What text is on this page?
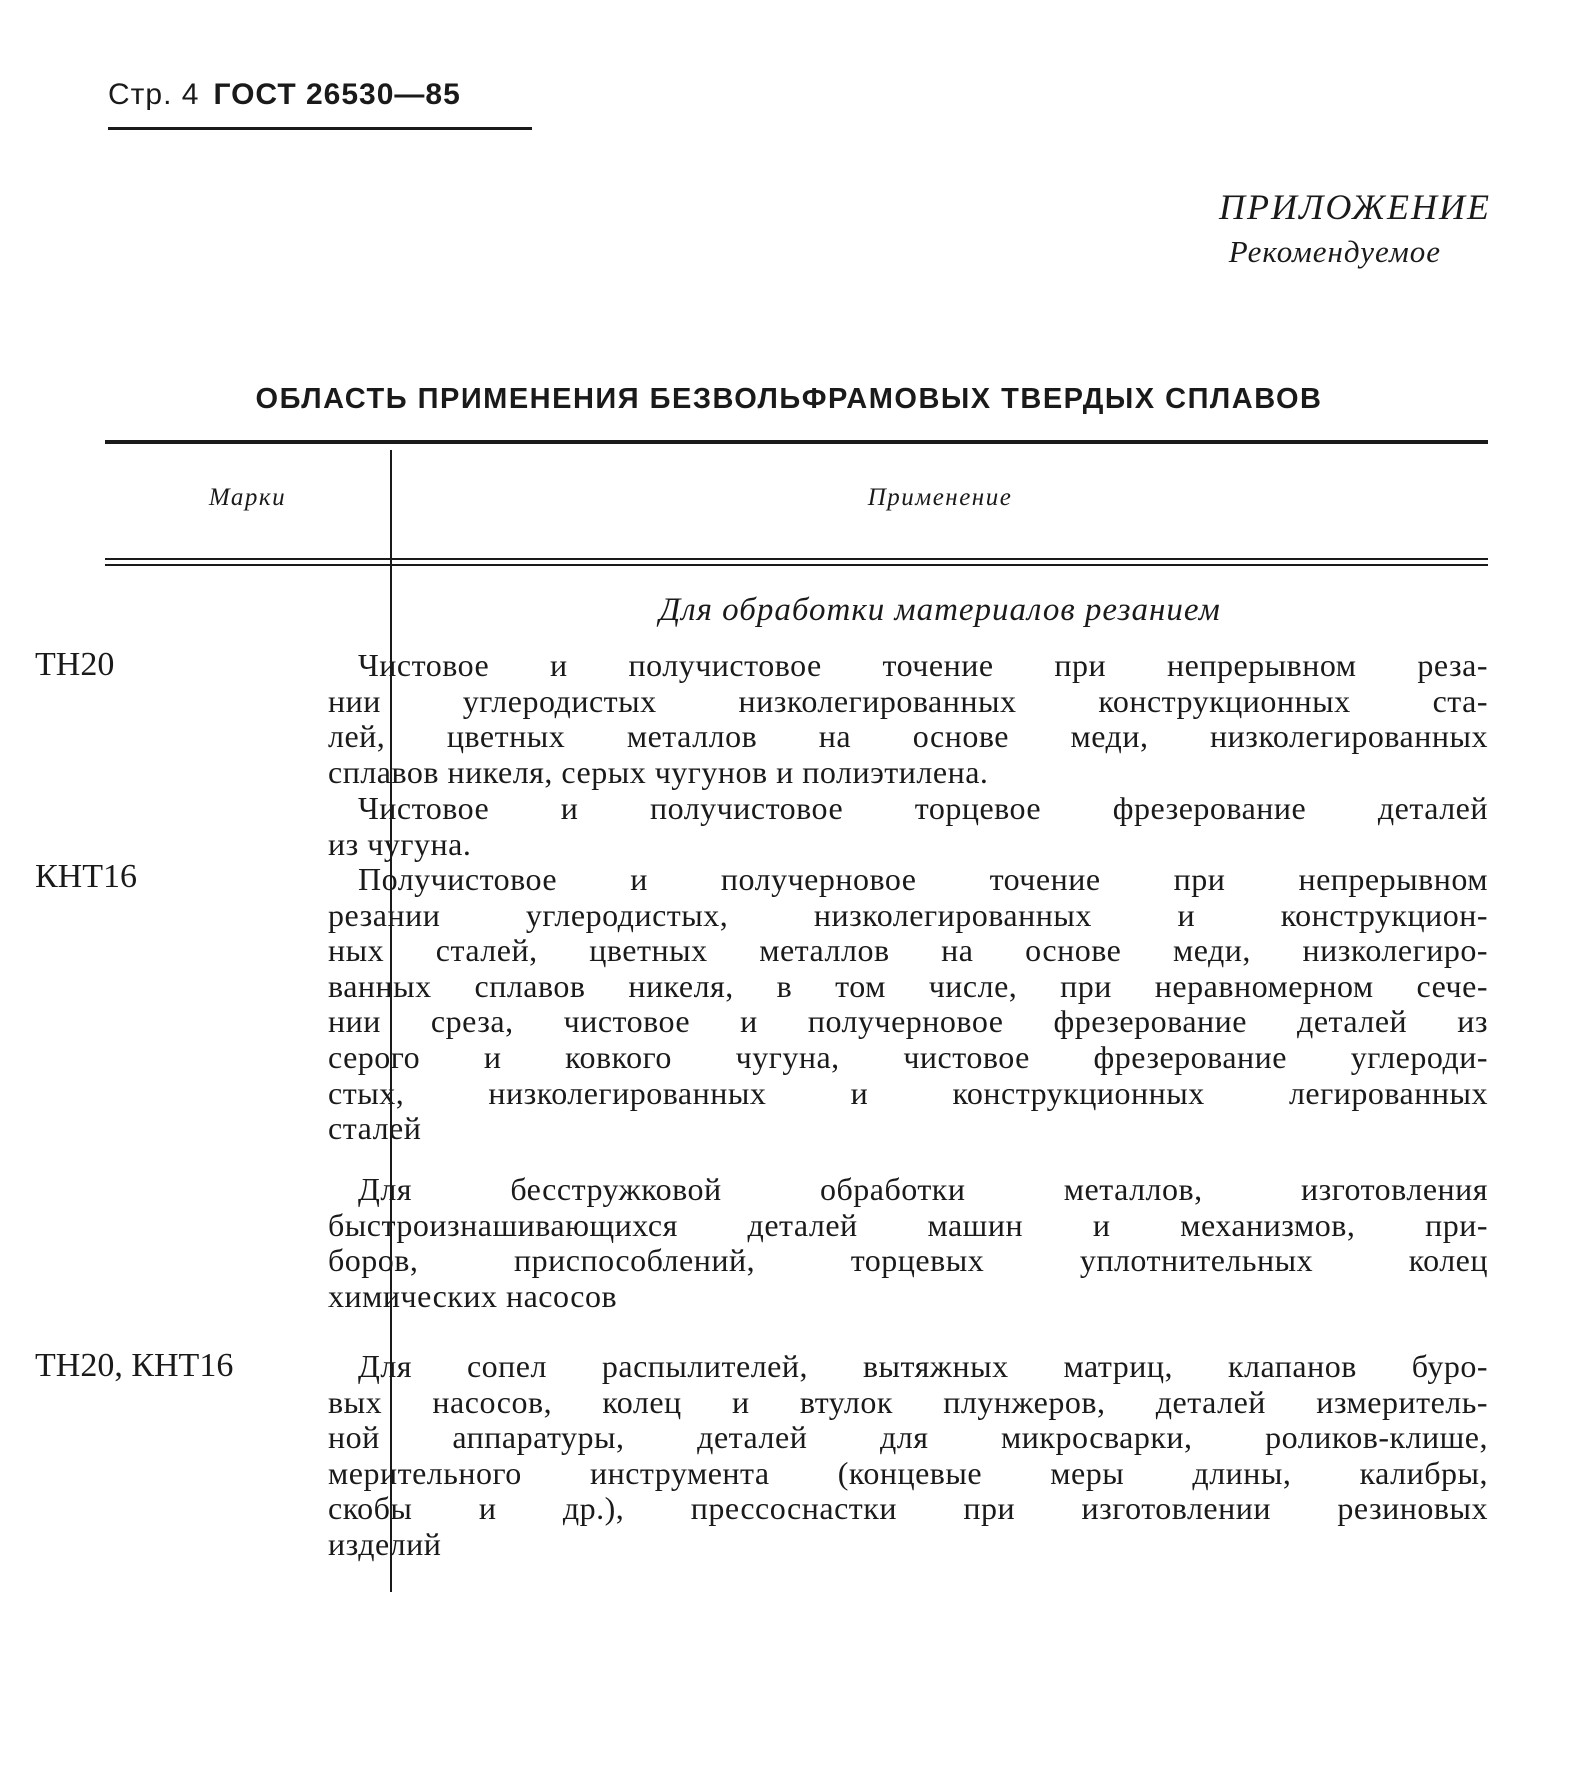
Стр. 4 ГОСТ 26530—85
ПРИЛОЖЕНИЕ
Рекомендуемое
ОБЛАСТЬ ПРИМЕНЕНИЯ БЕЗВОЛЬФРАМОВЫХ ТВЕРДЫХ СПЛАВОВ
Марки	Применение
Для обработки материалов резанием
ТН20
КНТ16
ТН20, КНТ16
Чистовое и получистовое точение при непрерывном реза-
нии углеродистых низколегированных конструкционных ста-
лей, цветных металлов на основе меди, низколегированных
сплавов никеля, серых чугунов и полиэтилена.
Чистовое и получистовое торцевое фрезерование деталей
из чугуна.
Получистовое и получерновое точение при непрерывном
резании углеродистых, низколегированных и конструкцион-
ных сталей, цветных металлов на основе меди, низколегиро-
ванных сплавов никеля, в том числе, при неравномерном сече-
нии среза, чистовое и получерновое фрезерование деталей из
серого и ковкого чугуна, чистовое фрезерование углероди-
стых, низколегированных и конструкционных легированных
сталей
Для бесстружковой обработки металлов, изготовления
быстроизнашивающихся деталей машин и механизмов, при-
боров, приспособлений, торцевых уплотнительных колец
химических насосов
Для сопел распылителей, вытяжных матриц, клапанов буро-
вых насосов, колец и втулок плунжеров, деталей измеритель-
ной аппаратуры, деталей для микросварки, роликов-клише,
мерительного инструмента (концевые меры длины, калибры,
скобы и др.), прессоснастки при изготовлении резиновых
изделий
